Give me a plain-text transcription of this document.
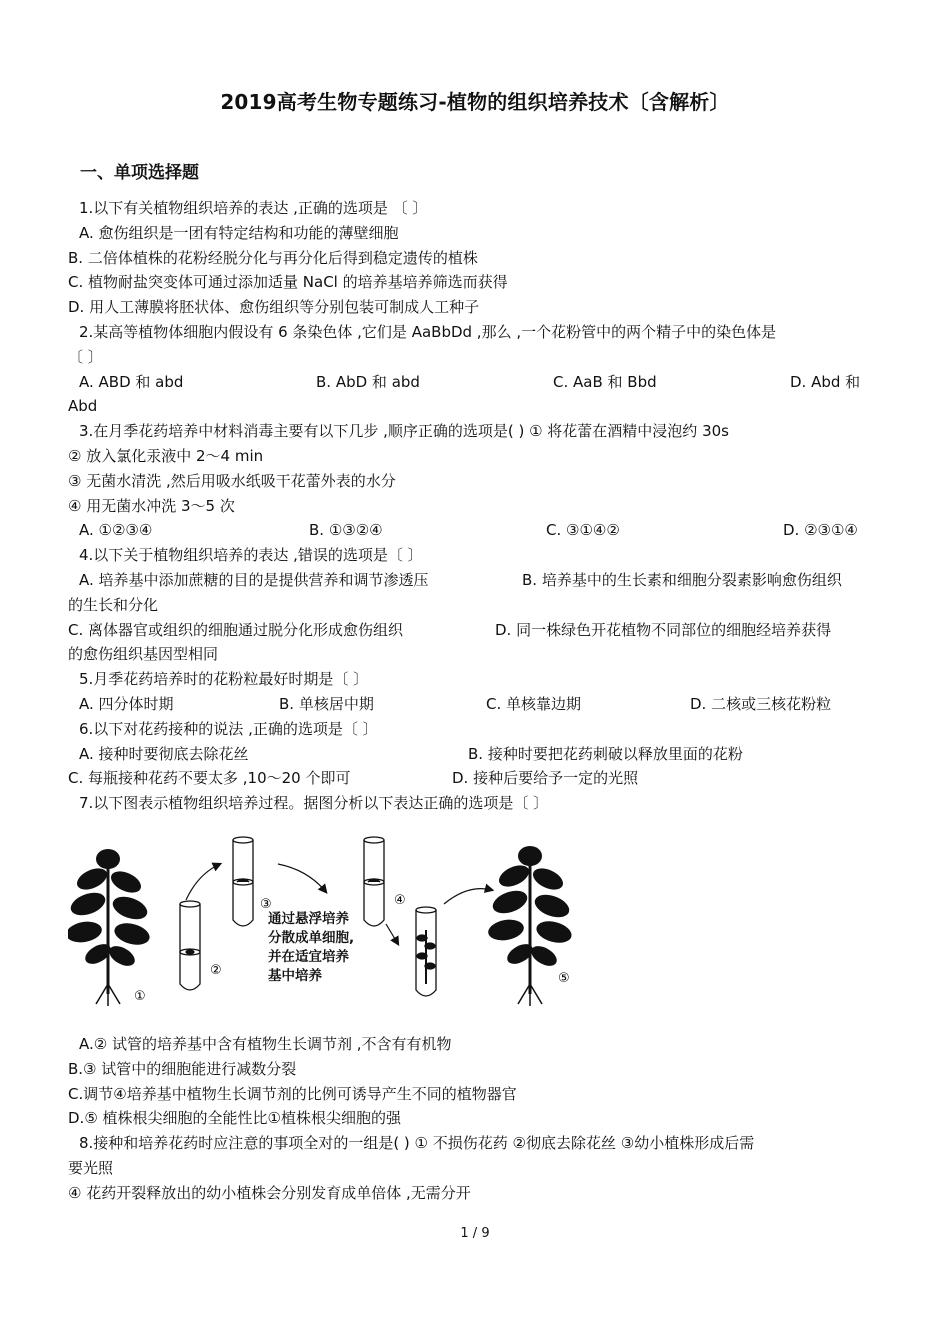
2019高考生物专题练习-植物的组织培养技术〔含解析〕
一、单项选择题
1.以下有关植物组织培养的表达 ,正确的选项是 〔 〕
A. 愈伤组织是一团有特定结构和功能的薄壁细胞
B. 二倍体植株的花粉经脱分化与再分化后得到稳定遗传的植株
C. 植物耐盐突变体可通过添加适量 NaCl 的培养基培养筛选而获得
D. 用人工薄膜将胚状体、愈伤组织等分别包装可制成人工种子
2.某高等植物体细胞内假设有 6 条染色体 ,它们是 AaBbDd ,那么 ,一个花粉管中的两个精子中的染色体是
〔 〕
A. ABD 和 abd	B. AbD 和 abd	C. AaB 和 Bbd	D. Abd 和
Abd
3.在月季花药培养中材料消毒主要有以下几步 ,顺序正确的选项是( ) ① 将花蕾在酒精中浸泡约 30s
② 放入氯化汞液中 2～4 min
③ 无菌水清洗 ,然后用吸水纸吸干花蕾外表的水分
④ 用无菌水冲洗 3～5 次
A. ①②③④	B. ①③②④	C. ③①④②	D. ②③①④
4.以下关于植物组织培养的表达 ,错误的选项是〔 〕
A. 培养基中添加蔗糖的目的是提供营养和调节渗透压	B. 培养基中的生长素和细胞分裂素影响愈伤组织
的生长和分化
C. 离体器官或组织的细胞通过脱分化形成愈伤组织	D. 同一株绿色开花植物不同部位的细胞经培养获得
的愈伤组织基因型相同
5.月季花药培养时的花粉粒最好时期是〔 〕
A. 四分体时期	B. 单核居中期	C. 单核靠边期	D. 二核或三核花粉粒
6.以下对花药接种的说法 ,正确的选项是〔 〕
A. 接种时要彻底去除花丝	B. 接种时要把花药刺破以释放里面的花粉
C. 每瓶接种花药不要太多 ,10～20 个即可	D. 接种后要给予一定的光照
7.以下图表示植物组织培养过程。据图分析以下表达正确的选项是〔 〕
①
②
③	④
⑤
通过悬浮培养
分散成单细胞,
并在适宜培养
基中培养
A.② 试管的培养基中含有植物生长调节剂 ,不含有有机物
B.③ 试管中的细胞能进行减数分裂
C.调节④培养基中植物生长调节剂的比例可诱导产生不同的植物器官
D.⑤ 植株根尖细胞的全能性比①植株根尖细胞的强
8.接种和培养花药时应注意的事项全对的一组是( ) ① 不损伤花药 ②彻底去除花丝 ③幼小植株形成后需
要光照
④ 花药开裂释放出的幼小植株会分别发育成单倍体 ,无需分开
1 / 9
